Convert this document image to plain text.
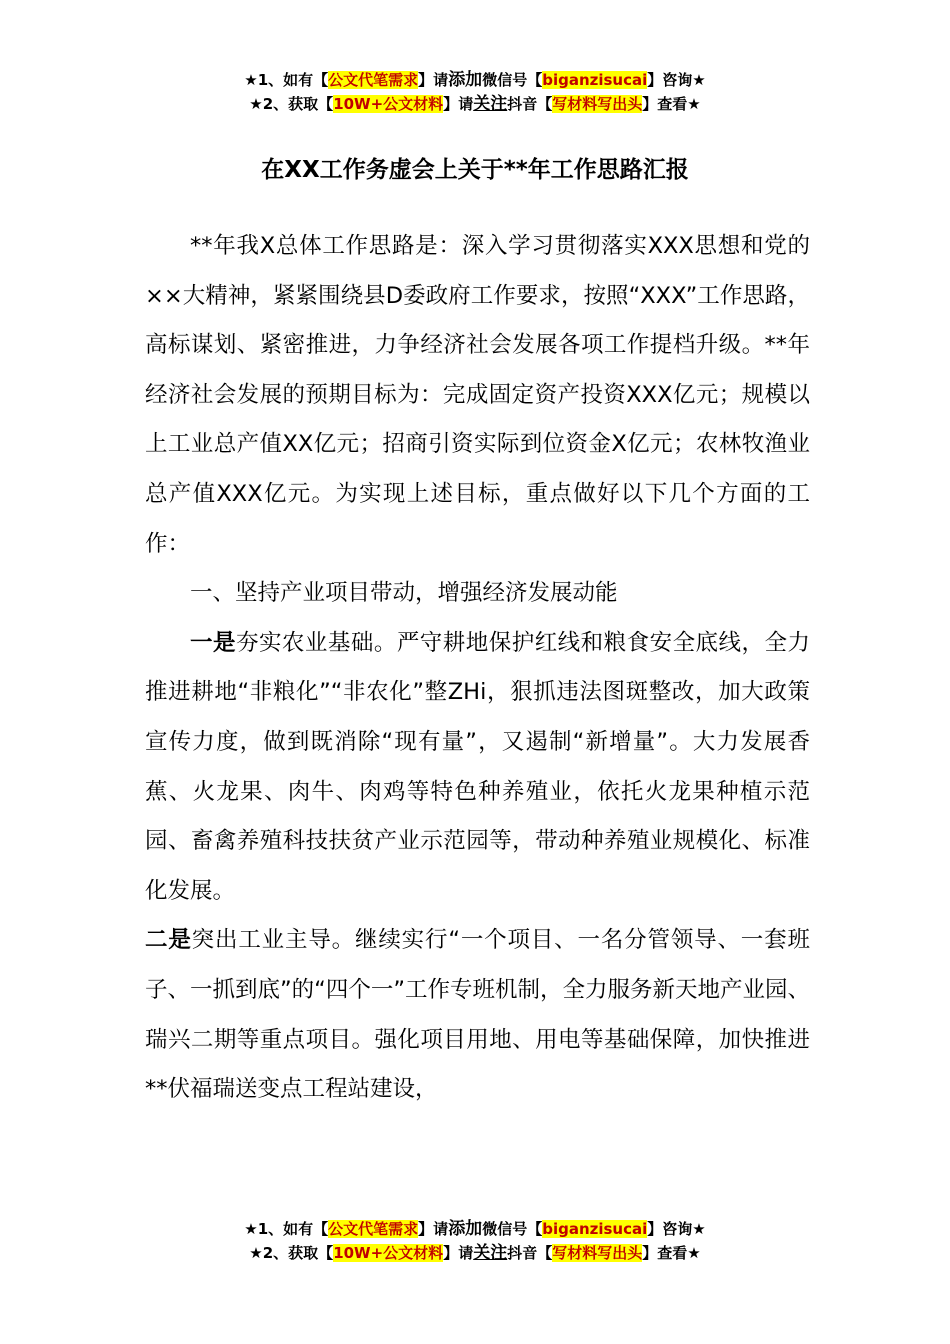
★1、如有【公文代笔需求】请添加微信号【biganzisucai】咨询★
★2、获取【10W+公文材料】请关注抖音【写材料写出头】查看★
在XX工作务虚会上关于**年工作思路汇报

**年我X总体工作思路是：深入学习贯彻落实XXX思想和党的××大精神，紧紧围绕县D委政府工作要求，按照“XXX”工作思路，高标谋划、紧密推进，力争经济社会发展各项工作提档升级。**年经济社会发展的预期目标为：完成固定资产投资XXX亿元；规模以上工业总产值XX亿元；招商引资实际到位资金X亿元；农林牧渔业总产值XXX亿元。为实现上述目标，重点做好以下几个方面的工作：

一、坚持产业项目带动，增强经济发展动能

一是夯实农业基础。严守耕地保护红线和粮食安全底线，全力推进耕地“非粮化”“非农化”整ZHi，狠抓违法图斑整改，加大政策宣传力度，做到既消除“现有量”，又遏制“新增量”。大力发展香蕉、火龙果、肉牛、肉鸡等特色种养殖业，依托火龙果种植示范园、畜禽养殖科技扶贫产业示范园等，带动种养殖业规模化、标准化发展。

二是突出工业主导。继续实行“一个项目、一名分管领导、一套班子、一抓到底”的“四个一”工作专班机制，全力服务新天地产业园、瑞兴二期等重点项目。强化项目用地、用电等基础保障，加快推进**伏福瑞送变点工程站建设，

★1、如有【公文代笔需求】请添加微信号【biganzisucai】咨询★
★2、获取【10W+公文材料】请关注抖音【写材料写出头】查看★
